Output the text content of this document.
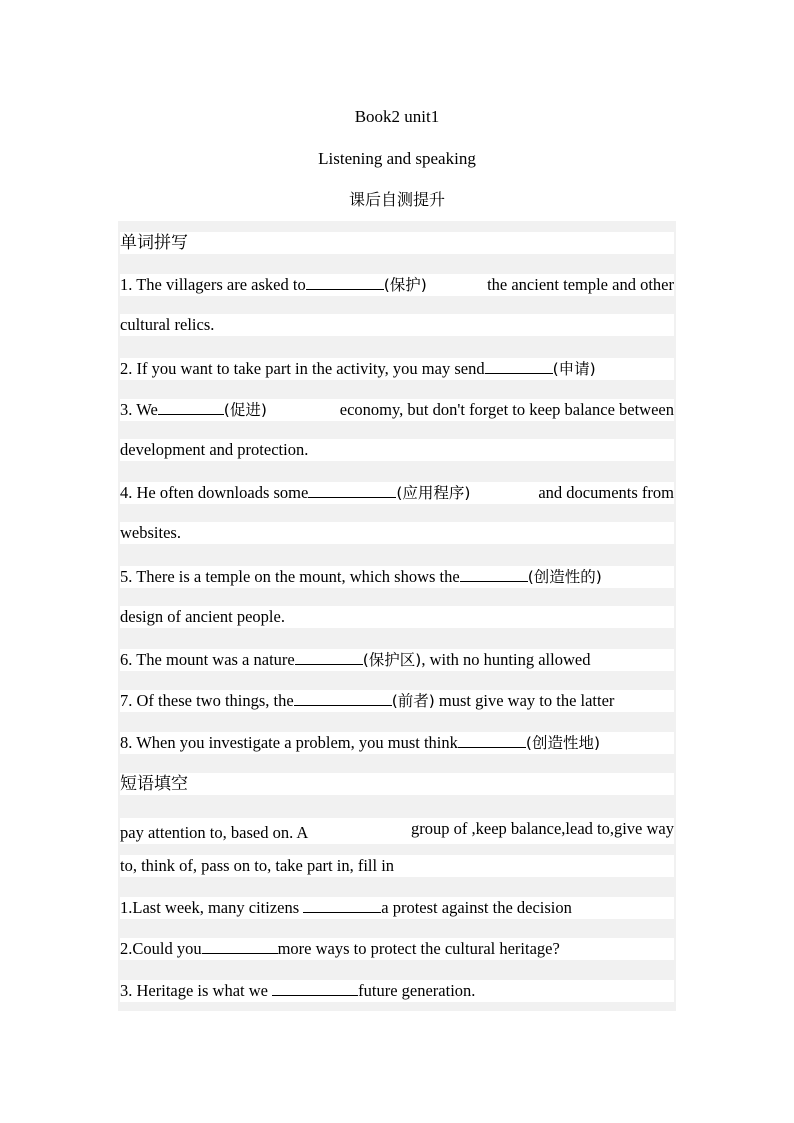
Book2 unit1
Listening and speaking
课后自测提升
单词拼写
1. The villagers are asked to	(保护)	the ancient temple and other
cultural relics.
2. If you want to take part in the activity, you may send	(申请)
3. We	(促进)	economy, but don't forget to keep balance between
development and protection.
4. He often downloads some	(应用程序)	and documents from
websites.
5. There is a temple on the mount, which shows the	(创造性的)
design of ancient people.
6. The mount was a nature	(保护区), with no hunting allowed
7. Of these two things, the	(前者) must give way to the latter
8. When you investigate a problem, you must think	(创造性地)
短语填空
pay attention to, based on. A	group of ,keep balance,lead to,give way
to, think of, pass on to, take part in, fill in
1.Last week, many citizens	a protest against the decision
2.Could you	more ways to protect the cultural heritage?
3. Heritage is what we	future generation.
